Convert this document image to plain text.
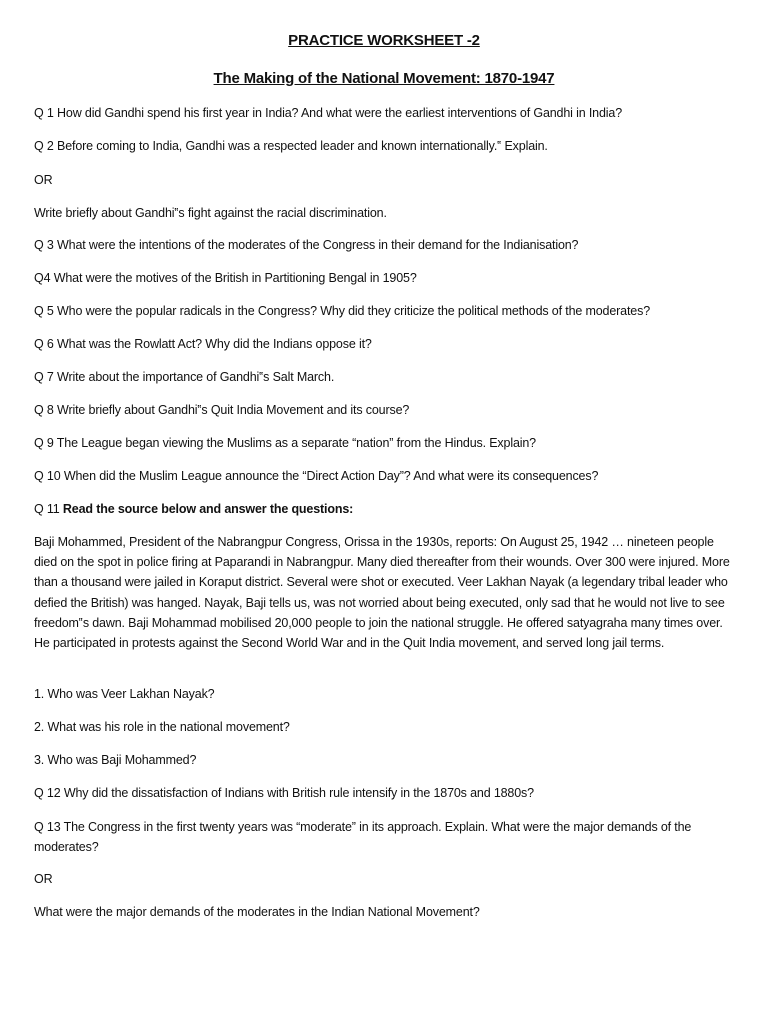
PRACTICE WORKSHEET -2
The Making of the National Movement: 1870-1947
Q 1 How did Gandhi spend his first year in India? And what were the earliest interventions of Gandhi in India?
Q 2 Before coming to India, Gandhi was a respected leader and known internationally.‟ Explain.
OR
Write briefly about Gandhi‟s fight against the racial discrimination.
Q 3 What were the intentions of the moderates of the Congress in their demand for the Indianisation?
Q4 What were the motives of the British in Partitioning Bengal in 1905?
Q 5 Who were the popular radicals in the Congress? Why did they criticize the political methods of the moderates?
Q 6 What was the Rowlatt Act? Why did the Indians oppose it?
Q 7 Write about the importance of Gandhi‟s Salt March.
Q 8 Write briefly about Gandhi‟s Quit India Movement and its course?
Q 9 The League began viewing the Muslims as a separate “nation” from the Hindus. Explain?
Q 10 When did the Muslim League announce the “Direct Action Day”? And what were its consequences?
Q 11 Read the source below and answer the questions:
Baji Mohammed, President of the Nabrangpur Congress, Orissa in the 1930s, reports: On August 25, 1942 … nineteen people died on the spot in police firing at Paparandi in Nabrangpur. Many died thereafter from their wounds. Over 300 were injured. More than a thousand were jailed in Koraput district. Several were shot or executed. Veer Lakhan Nayak (a legendary tribal leader who defied the British) was hanged. Nayak, Baji tells us, was not worried about being executed, only sad that he would not live to see freedom‟s dawn. Baji Mohammad mobilised 20,000 people to join the national struggle. He offered satyagraha many times over. He participated in protests against the Second World War and in the Quit India movement, and served long jail terms.
1. Who was Veer Lakhan Nayak?
2. What was his role in the national movement?
3. Who was Baji Mohammed?
Q 12 Why did the dissatisfaction of Indians with British rule intensify in the 1870s and 1880s?
Q 13 The Congress in the first twenty years was “moderate” in its approach. Explain. What were the major demands of the moderates?
OR
What were the major demands of the moderates in the Indian National Movement?
